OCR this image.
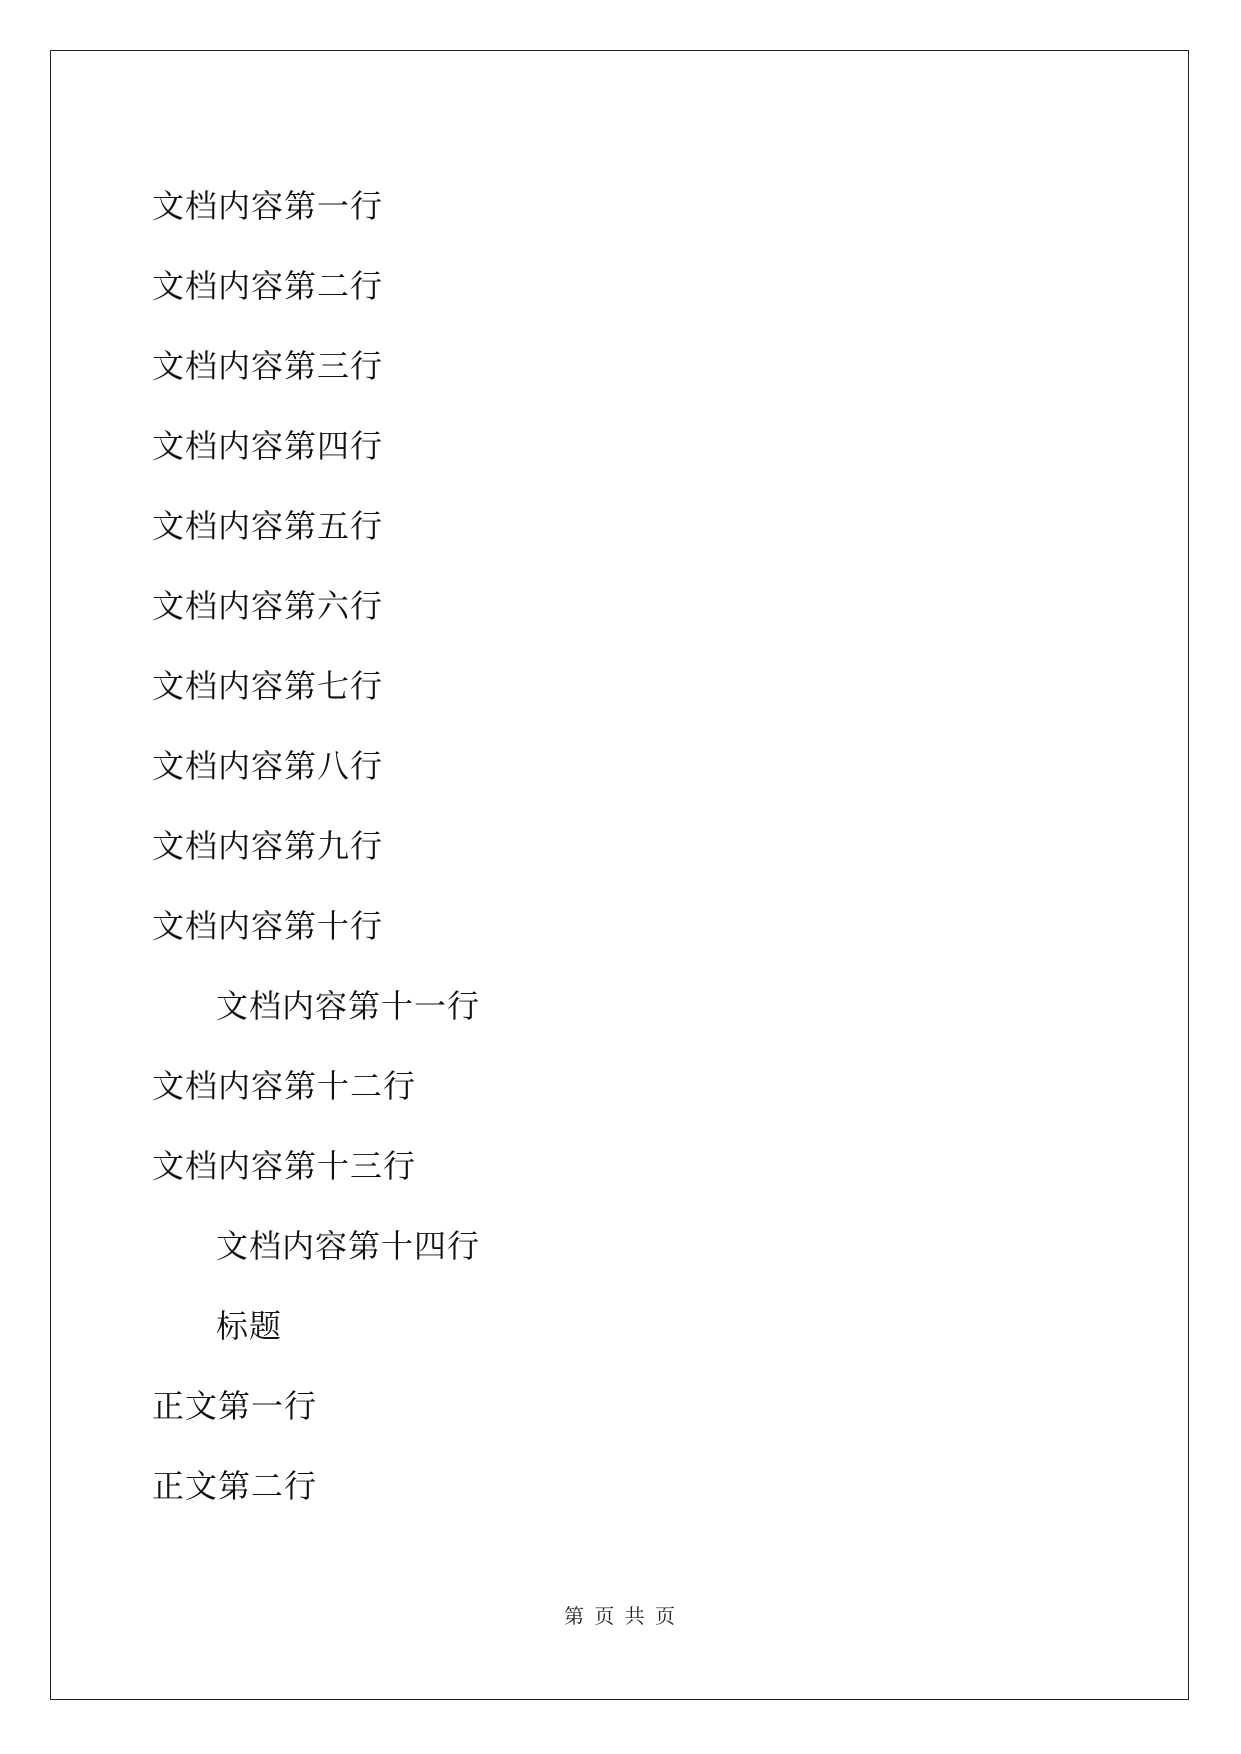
文档内容第一行
文档内容第二行
文档内容第三行
文档内容第四行
文档内容第五行
文档内容第六行
文档内容第七行
文档内容第八行
文档内容第九行
文档内容第十行
文档内容第十一行
文档内容第十二行
文档内容第十三行
文档内容第十四行
标题
正文第一行
正文第二行
第 页 共 页
